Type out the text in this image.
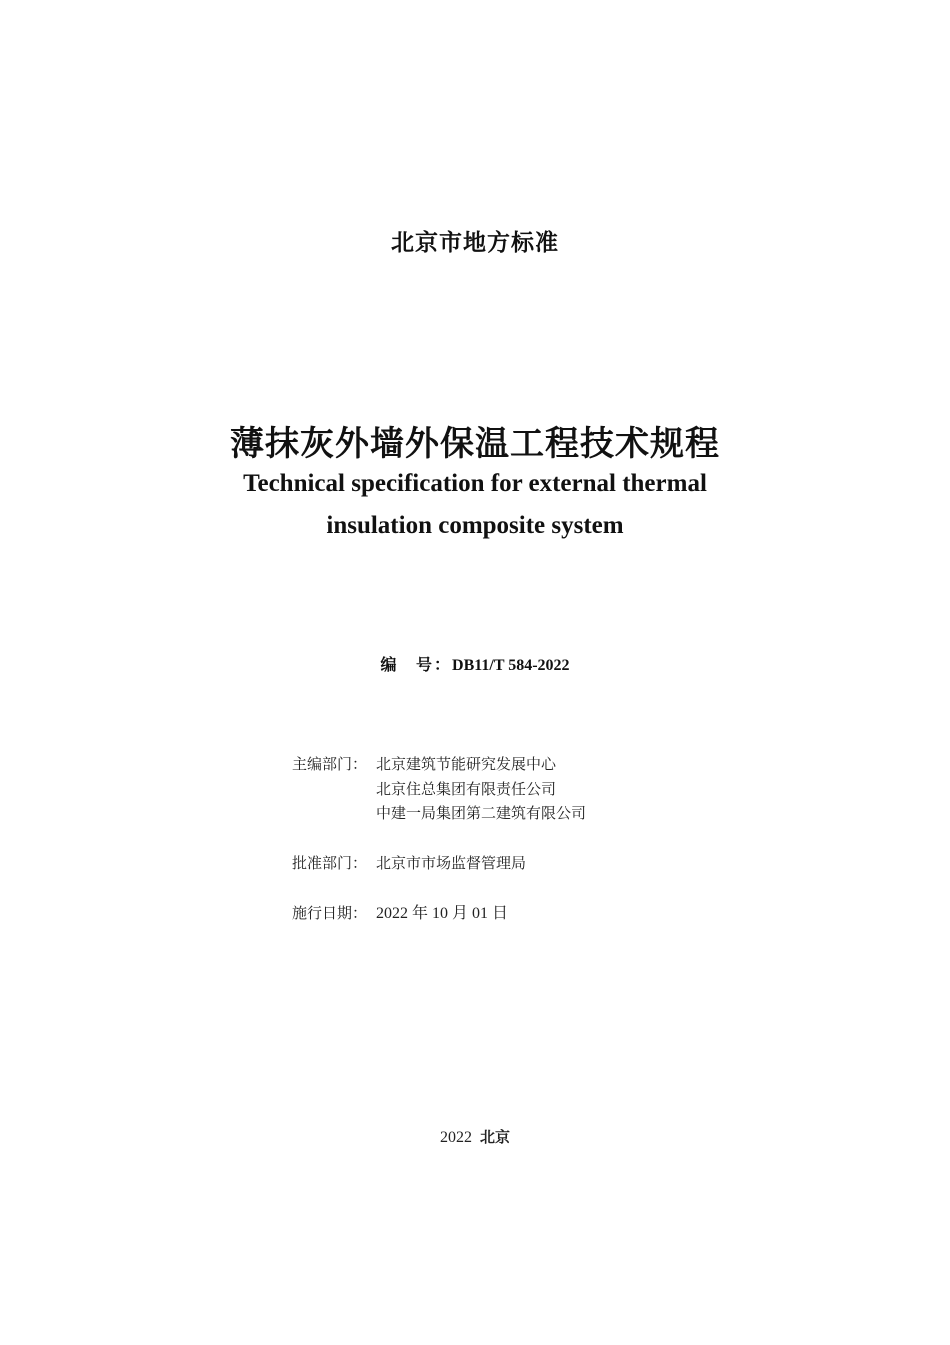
北京市地方标准
薄抹灰外墙外保温工程技术规程
Technical specification for external thermal
insulation composite system
编 号：DB11/T 584-2022
主编部门： 北京建筑节能研究发展中心
北京住总集团有限责任公司
中建一局集团第二建筑有限公司
批准部门： 北京市市场监督管理局
施行日期： 2022 年 10 月 01 日
2022 北京
